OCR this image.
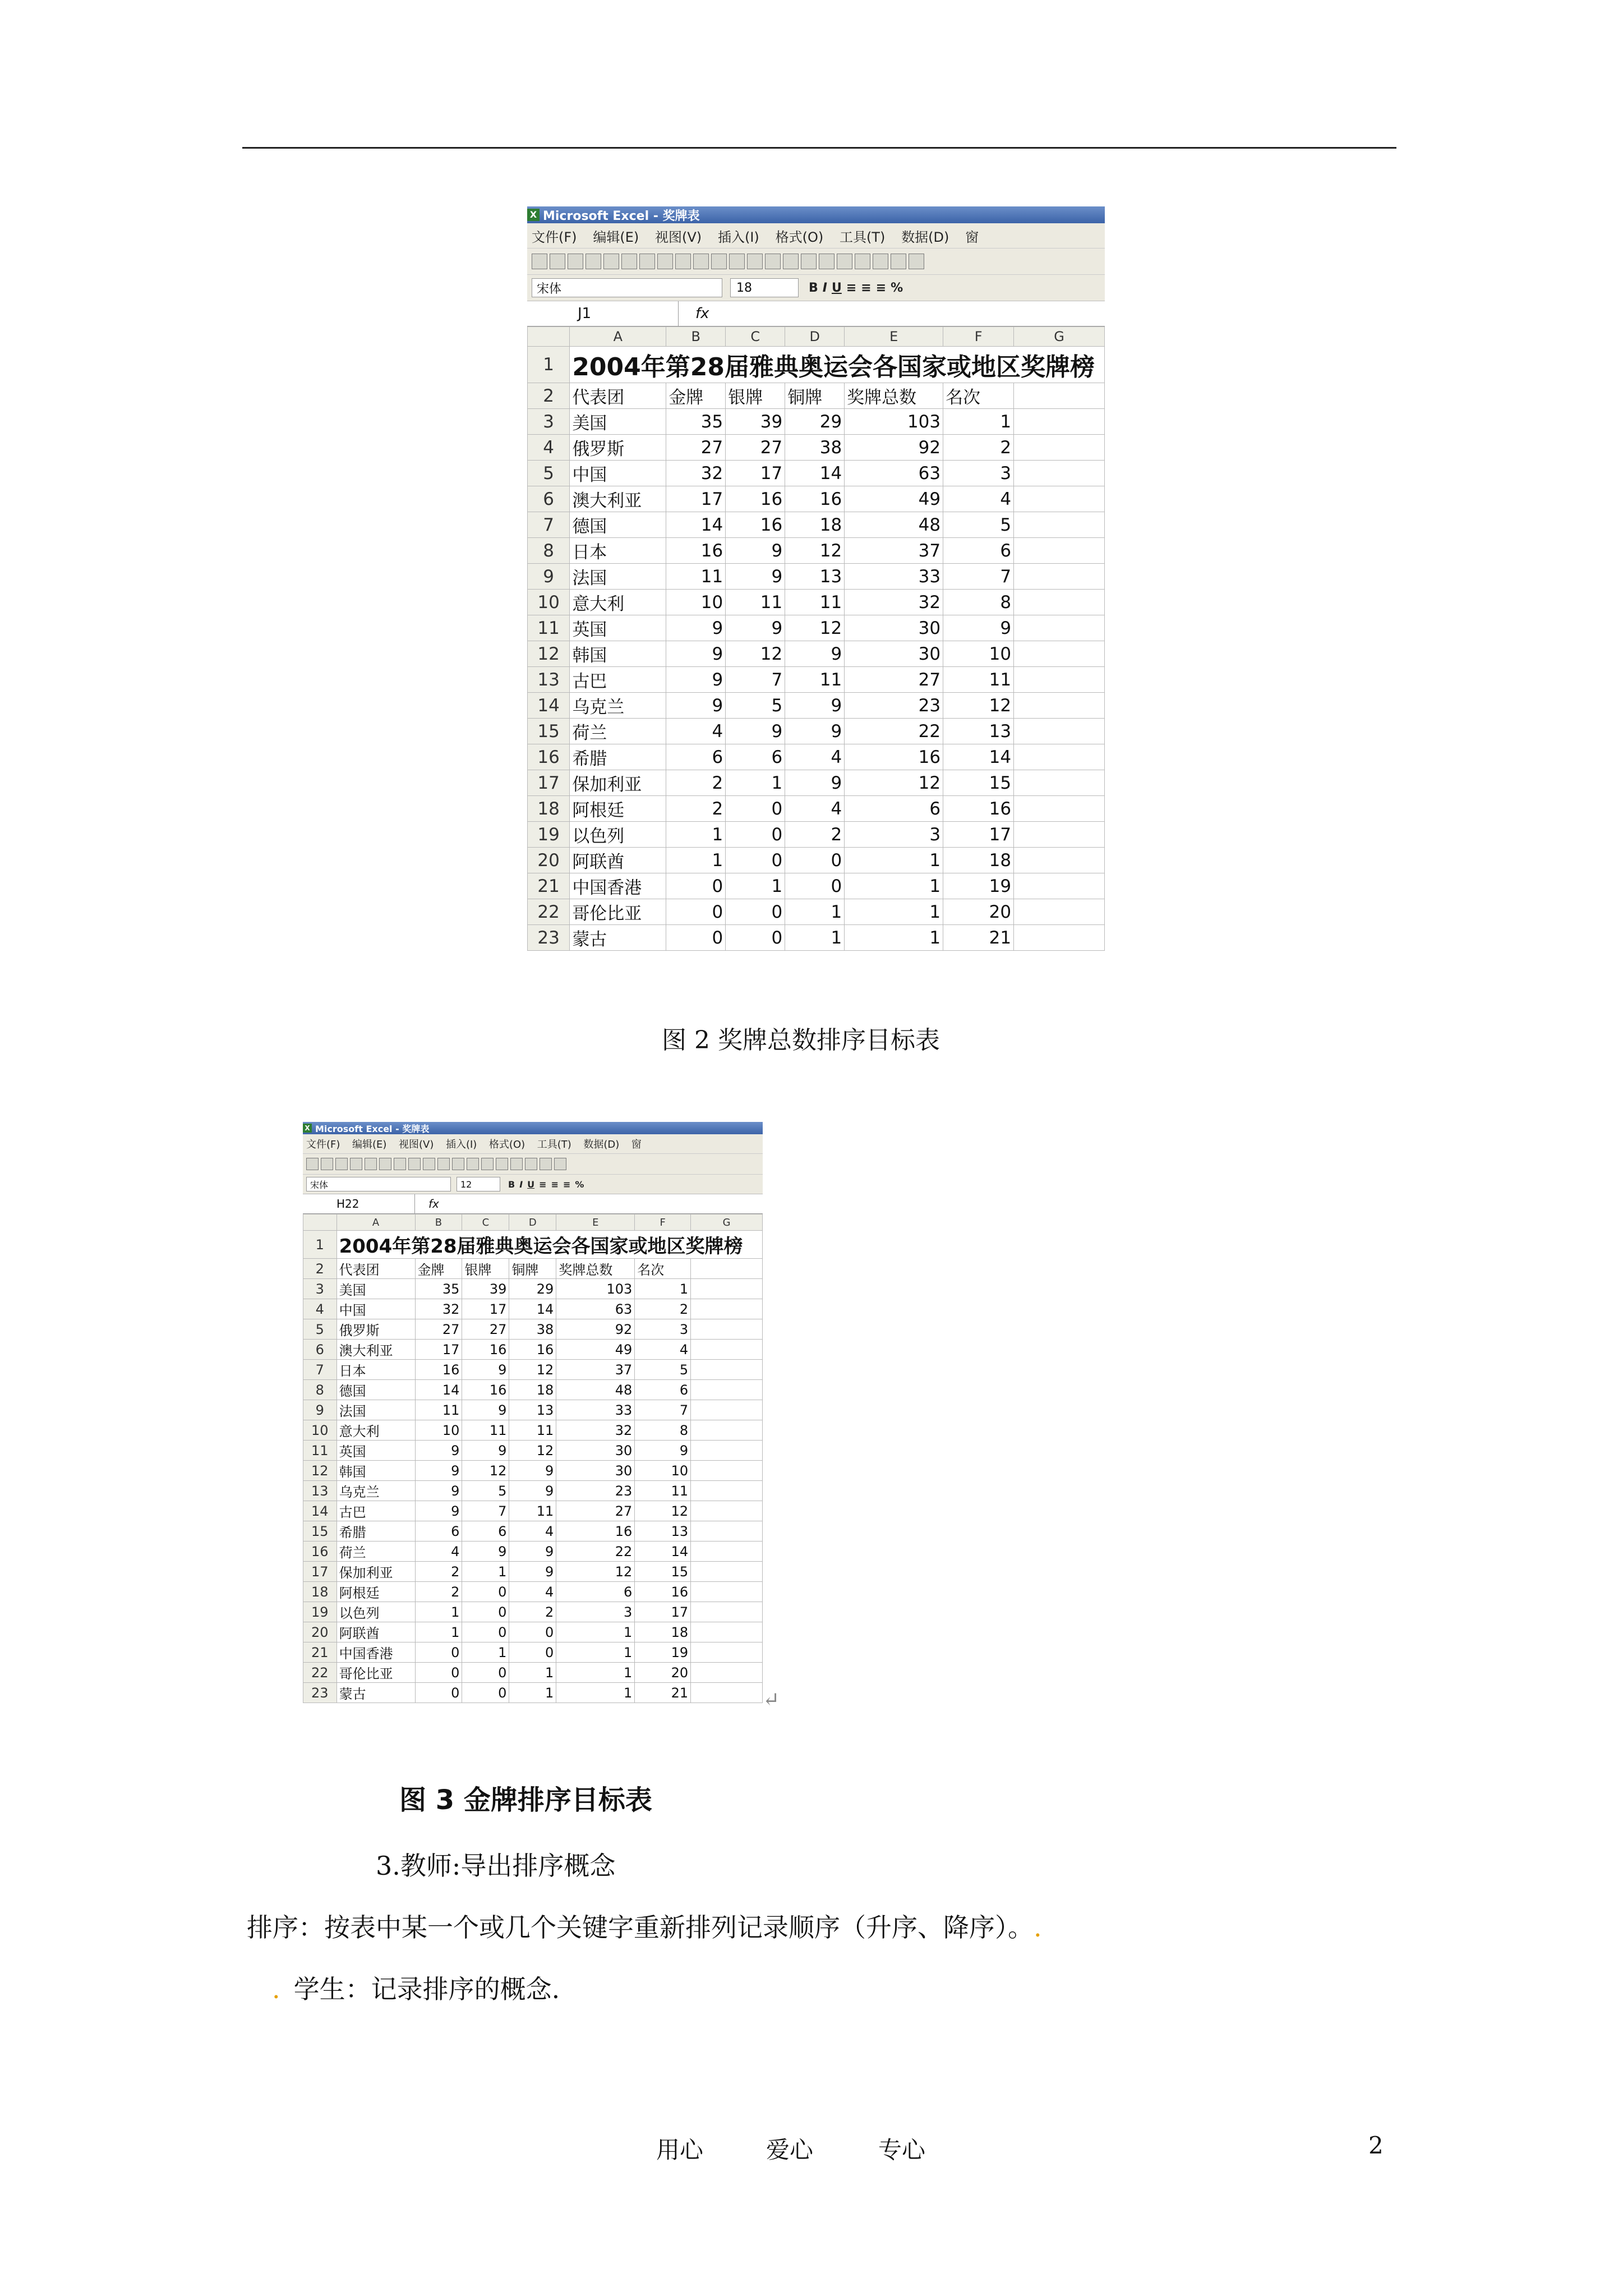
X Microsoft Excel - 奖牌表
文件(F) 编辑(E) 视图(V) 插入(I) 格式(O) 工具(T) 数据(D) 窗
宋体	18	B I U ≡ ≡ ≡ %
J1	fx
	A	B	C	D	E	F	G
1	2004年第28届雅典奥运会各国家或地区奖牌榜						
2	代表团	金牌	银牌	铜牌	奖牌总数	名次	
3	美国	35	39	29	103	1	
4	俄罗斯	27	27	38	92	2	
5	中国	32	17	14	63	3	
6	澳大利亚	17	16	16	49	4	
7	德国	14	16	18	48	5	
8	日本	16	9	12	37	6	
9	法国	11	9	13	33	7	
10	意大利	10	11	11	32	8	
11	英国	9	9	12	30	9	
12	韩国	9	12	9	30	10	
13	古巴	9	7	11	27	11	
14	乌克兰	9	5	9	23	12	
15	荷兰	4	9	9	22	13	
16	希腊	6	6	4	16	14	
17	保加利亚	2	1	9	12	15	
18	阿根廷	2	0	4	6	16	
19	以色列	1	0	2	3	17	
20	阿联酋	1	0	0	1	18	
21	中国香港	0	1	0	1	19	
22	哥伦比亚	0	0	1	1	20	
23	蒙古	0	0	1	1	21	
图 2 奖牌总数排序目标表
X Microsoft Excel - 奖牌表
文件(F) 编辑(E) 视图(V) 插入(I) 格式(O) 工具(T) 数据(D) 窗
宋体	12	B I U ≡ ≡ ≡ %
H22	fx
	A	B	C	D	E	F	G
1	2004年第28届雅典奥运会各国家或地区奖牌榜						
2	代表团	金牌	银牌	铜牌	奖牌总数	名次	
3	美国	35	39	29	103	1	
4	中国	32	17	14	63	2	
5	俄罗斯	27	27	38	92	3	
6	澳大利亚	17	16	16	49	4	
7	日本	16	9	12	37	5	
8	德国	14	16	18	48	6	
9	法国	11	9	13	33	7	
10	意大利	10	11	11	32	8	
11	英国	9	9	12	30	9	
12	韩国	9	12	9	30	10	
13	乌克兰	9	5	9	23	11	
14	古巴	9	7	11	27	12	
15	希腊	6	6	4	16	13	
16	荷兰	4	9	9	22	14	
17	保加利亚	2	1	9	12	15	
18	阿根廷	2	0	4	6	16	
19	以色列	1	0	2	3	17	
20	阿联酋	1	0	0	1	18	
21	中国香港	0	1	0	1	19	
22	哥伦比亚	0	0	1	1	20	
23	蒙古	0	0	1	1	21		↵
图 3 金牌排序目标表
3.教师:导出排序概念
排序：按表中某一个或几个关键字重新排列记录顺序（升序、降序）。.
. 学生：记录排序的概念.
用心	爱心	专心	2
